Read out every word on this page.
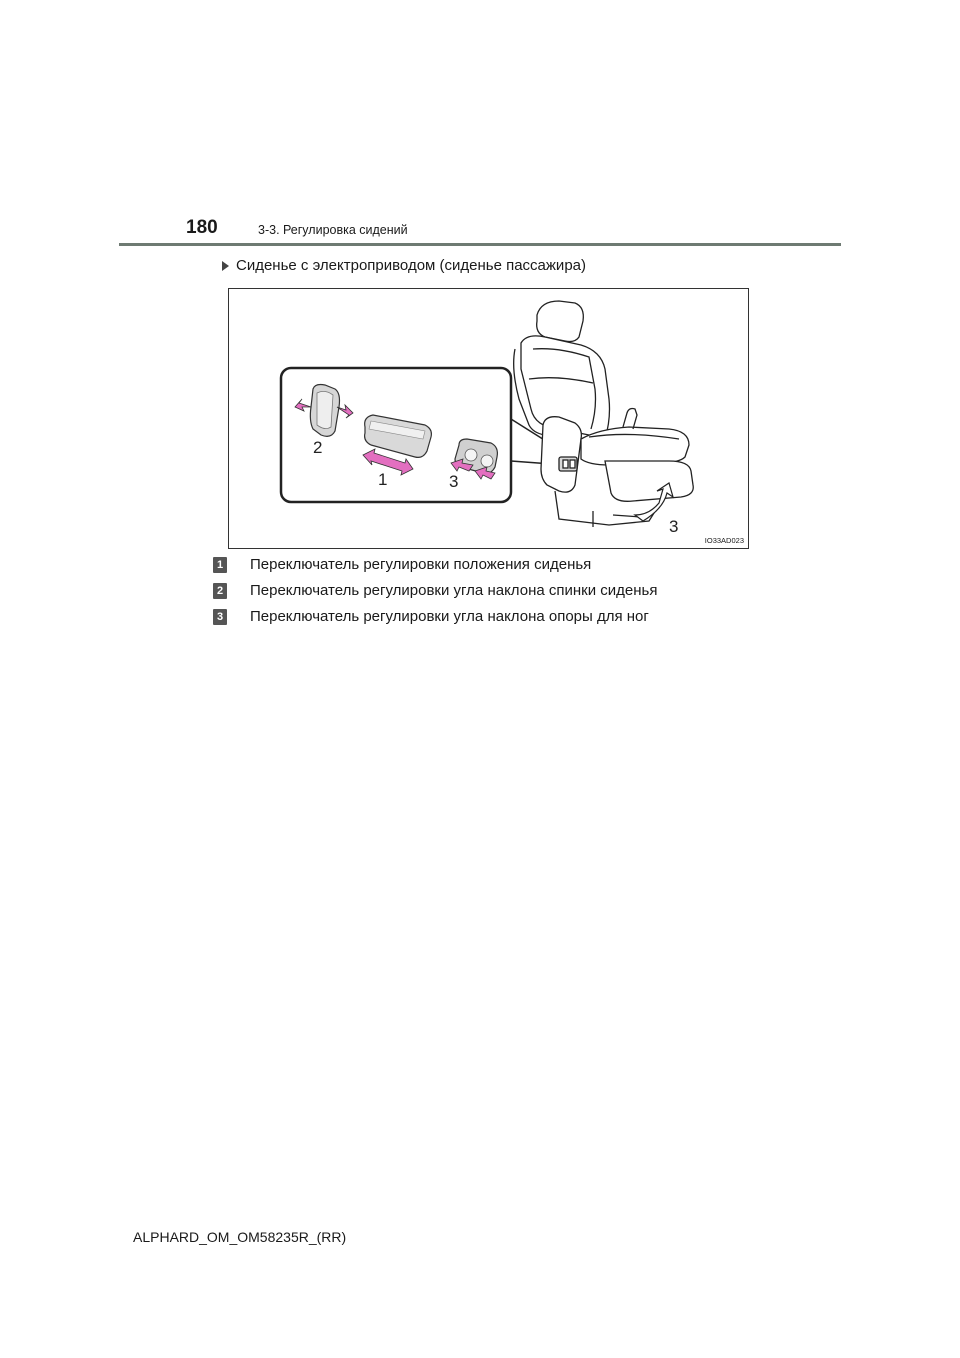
180	3-3. Регулировка сидений
Сиденье с электроприводом (сиденье пассажира)
2
1	3
3
IO33AD023
1 Переключатель регулировки положения сиденья
2 Переключатель регулировки угла наклона спинки сиденья
3 Переключатель регулировки угла наклона опоры для ног
ALPHARD_OM_OM58235R_(RR)
